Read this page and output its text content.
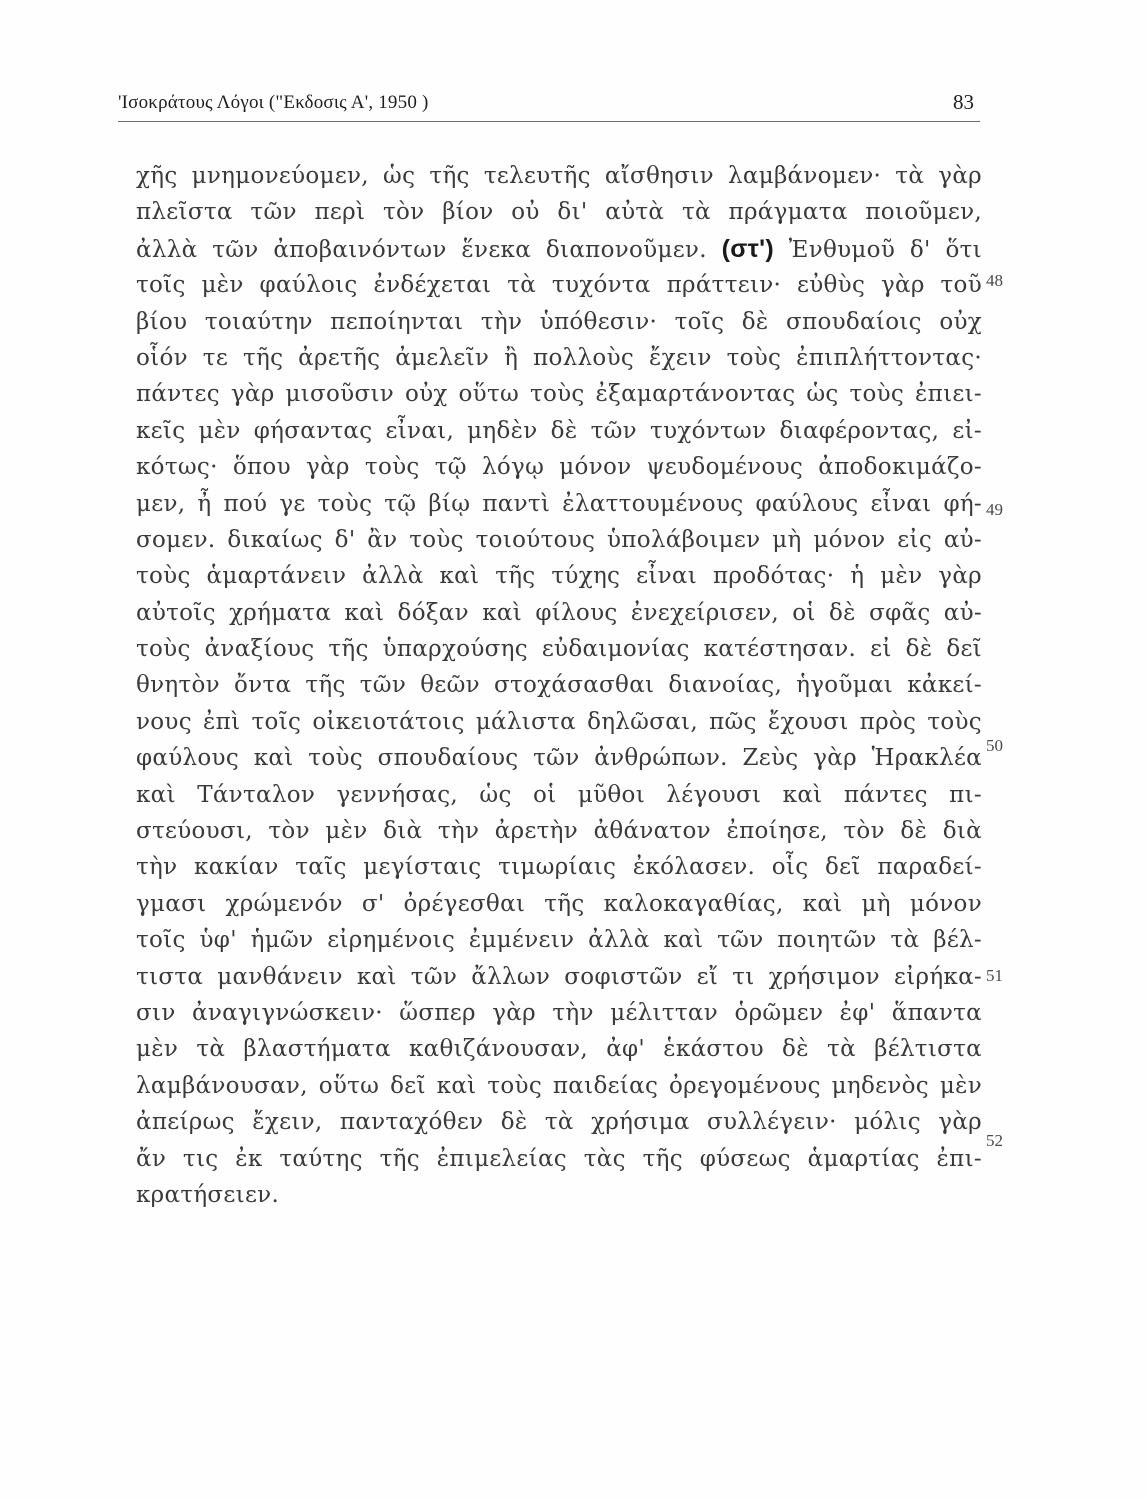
'Ισοκράτους Λόγοι ("Εκδοσις Α', 1950 )	83
χῆς μνημονεύομεν, ὡς τῆς τελευτῆς αἴσθησιν λαμβάνομεν· τὰ γὰρ
πλεῖστα τῶν περὶ τὸν βίον οὐ δι' αὐτὰ τὰ πράγματα ποιοῦμεν,
ἀλλὰ τῶν ἀποβαινόντων ἕνεκα διαπονοῦμεν. (στ') Ἐνθυμοῦ δ' ὅτι
τοῖς μὲν φαύλοις ἐνδέχεται τὰ τυχόντα πράττειν· εὐθὺς γὰρ τοῦ
βίου τοιαύτην πεποίηνται τὴν ὑπόθεσιν· τοῖς δὲ σπουδαίοις οὐχ
οἷόν τε τῆς ἀρετῆς ἀμελεῖν ἢ πολλοὺς ἔχειν τοὺς ἐπιπλήττοντας·
πάντες γὰρ μισοῦσιν οὐχ οὕτω τοὺς ἐξαμαρτάνοντας ὡς τοὺς ἐπιει-
κεῖς μὲν φήσαντας εἶναι, μηδὲν δὲ τῶν τυχόντων διαφέροντας, εἰ-
κότως· ὅπου γὰρ τοὺς τῷ λόγῳ μόνον ψευδομένους ἀποδοκιμάζο-
μεν, ἦ πού γε τοὺς τῷ βίῳ παντὶ ἐλαττουμένους φαύλους εἶναι φή-
σομεν. δικαίως δ' ἂν τοὺς τοιούτους ὑπολάβοιμεν μὴ μόνον εἰς αὐ-
τοὺς ἁμαρτάνειν ἀλλὰ καὶ τῆς τύχης εἶναι προδότας· ἡ μὲν γὰρ
αὐτοῖς χρήματα καὶ δόξαν καὶ φίλους ἐνεχείρισεν, οἱ δὲ σφᾶς αὐ-
τοὺς ἀναξίους τῆς ὑπαρχούσης εὐδαιμονίας κατέστησαν. εἰ δὲ δεῖ
θνητὸν ὄντα τῆς τῶν θεῶν στοχάσασθαι διανοίας, ἡγοῦμαι κἀκεί-
νους ἐπὶ τοῖς οἰκειοτάτοις μάλιστα δηλῶσαι, πῶς ἔχουσι πρὸς τοὺς
φαύλους καὶ τοὺς σπουδαίους τῶν ἀνθρώπων. Ζεὺς γὰρ Ἡρακλέα
καὶ Τάνταλον γεννήσας, ὡς οἱ μῦθοι λέγουσι καὶ πάντες πι-
στεύουσι, τὸν μὲν διὰ τὴν ἀρετὴν ἀθάνατον ἐποίησε, τὸν δὲ διὰ
τὴν κακίαν ταῖς μεγίσταις τιμωρίαις ἐκόλασεν. οἷς δεῖ παραδεί-
γμασι χρώμενόν σ' ὀρέγεσθαι τῆς καλοκαγαθίας, καὶ μὴ μόνον
τοῖς ὑφ' ἡμῶν εἰρημένοις ἐμμένειν ἀλλὰ καὶ τῶν ποιητῶν τὰ βέλ-
τιστα μανθάνειν καὶ τῶν ἄλλων σοφιστῶν εἴ τι χρήσιμον εἰρήκα-
σιν ἀναγιγνώσκειν· ὥσπερ γὰρ τὴν μέλιτταν ὁρῶμεν ἐφ' ἅπαντα
μὲν τὰ βλαστήματα καθιζάνουσαν, ἀφ' ἑκάστου δὲ τὰ βέλτιστα
λαμβάνουσαν, οὕτω δεῖ καὶ τοὺς παιδείας ὀρεγομένους μηδενὸς μὲν
ἀπείρως ἔχειν, πανταχόθεν δὲ τὰ χρήσιμα συλλέγειν· μόλις γὰρ
ἄν τις ἐκ ταύτης τῆς ἐπιμελείας τὰς τῆς φύσεως ἁμαρτίας ἐπι-
κρατήσειεν.
48
49
50
51
52
